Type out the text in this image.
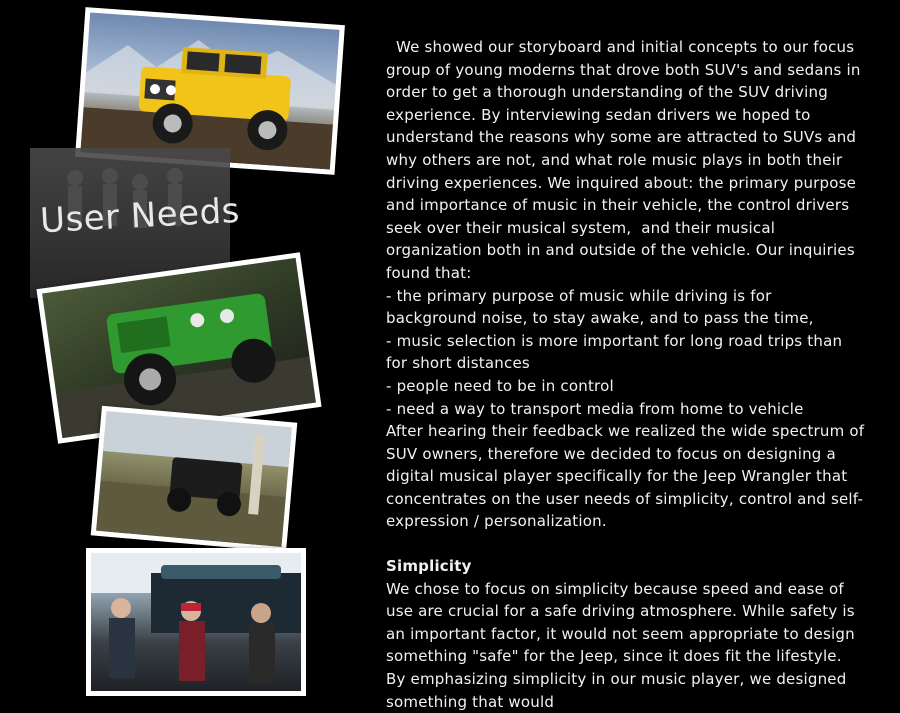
User Needs

We showed our storyboard and initial concepts to our focus group of young moderns that drove both SUV's and sedans in order to get a thorough understanding of the SUV driving experience. By interviewing sedan drivers we hoped to understand the reasons why some are attracted to SUVs and why others are not, and what role music plays in both their driving experiences. We inquired about: the primary purpose and importance of music in their vehicle, the control drivers seek over their musical system,  and their musical organization both in and outside of the vehicle. Our inquiries found that:

- the primary purpose of music while driving is for background noise, to stay awake, and to pass the time,

- music selection is more important for long road trips than for short distances

- people need to be in control

- need a way to transport media from home to vehicle

After hearing their feedback we realized the wide spectrum of SUV owners, therefore we decided to focus on designing a digital musical player specifically for the Jeep Wrangler that concentrates on the user needs of simplicity, control and self-expression / personalization.

Simplicity

We chose to focus on simplicity because speed and ease of use are crucial for a safe driving atmosphere. While safety is an important factor, it would not seem appropriate to design something "safe" for the Jeep, since it does fit the lifestyle. By emphasizing simplicity in our music player, we designed something that would
